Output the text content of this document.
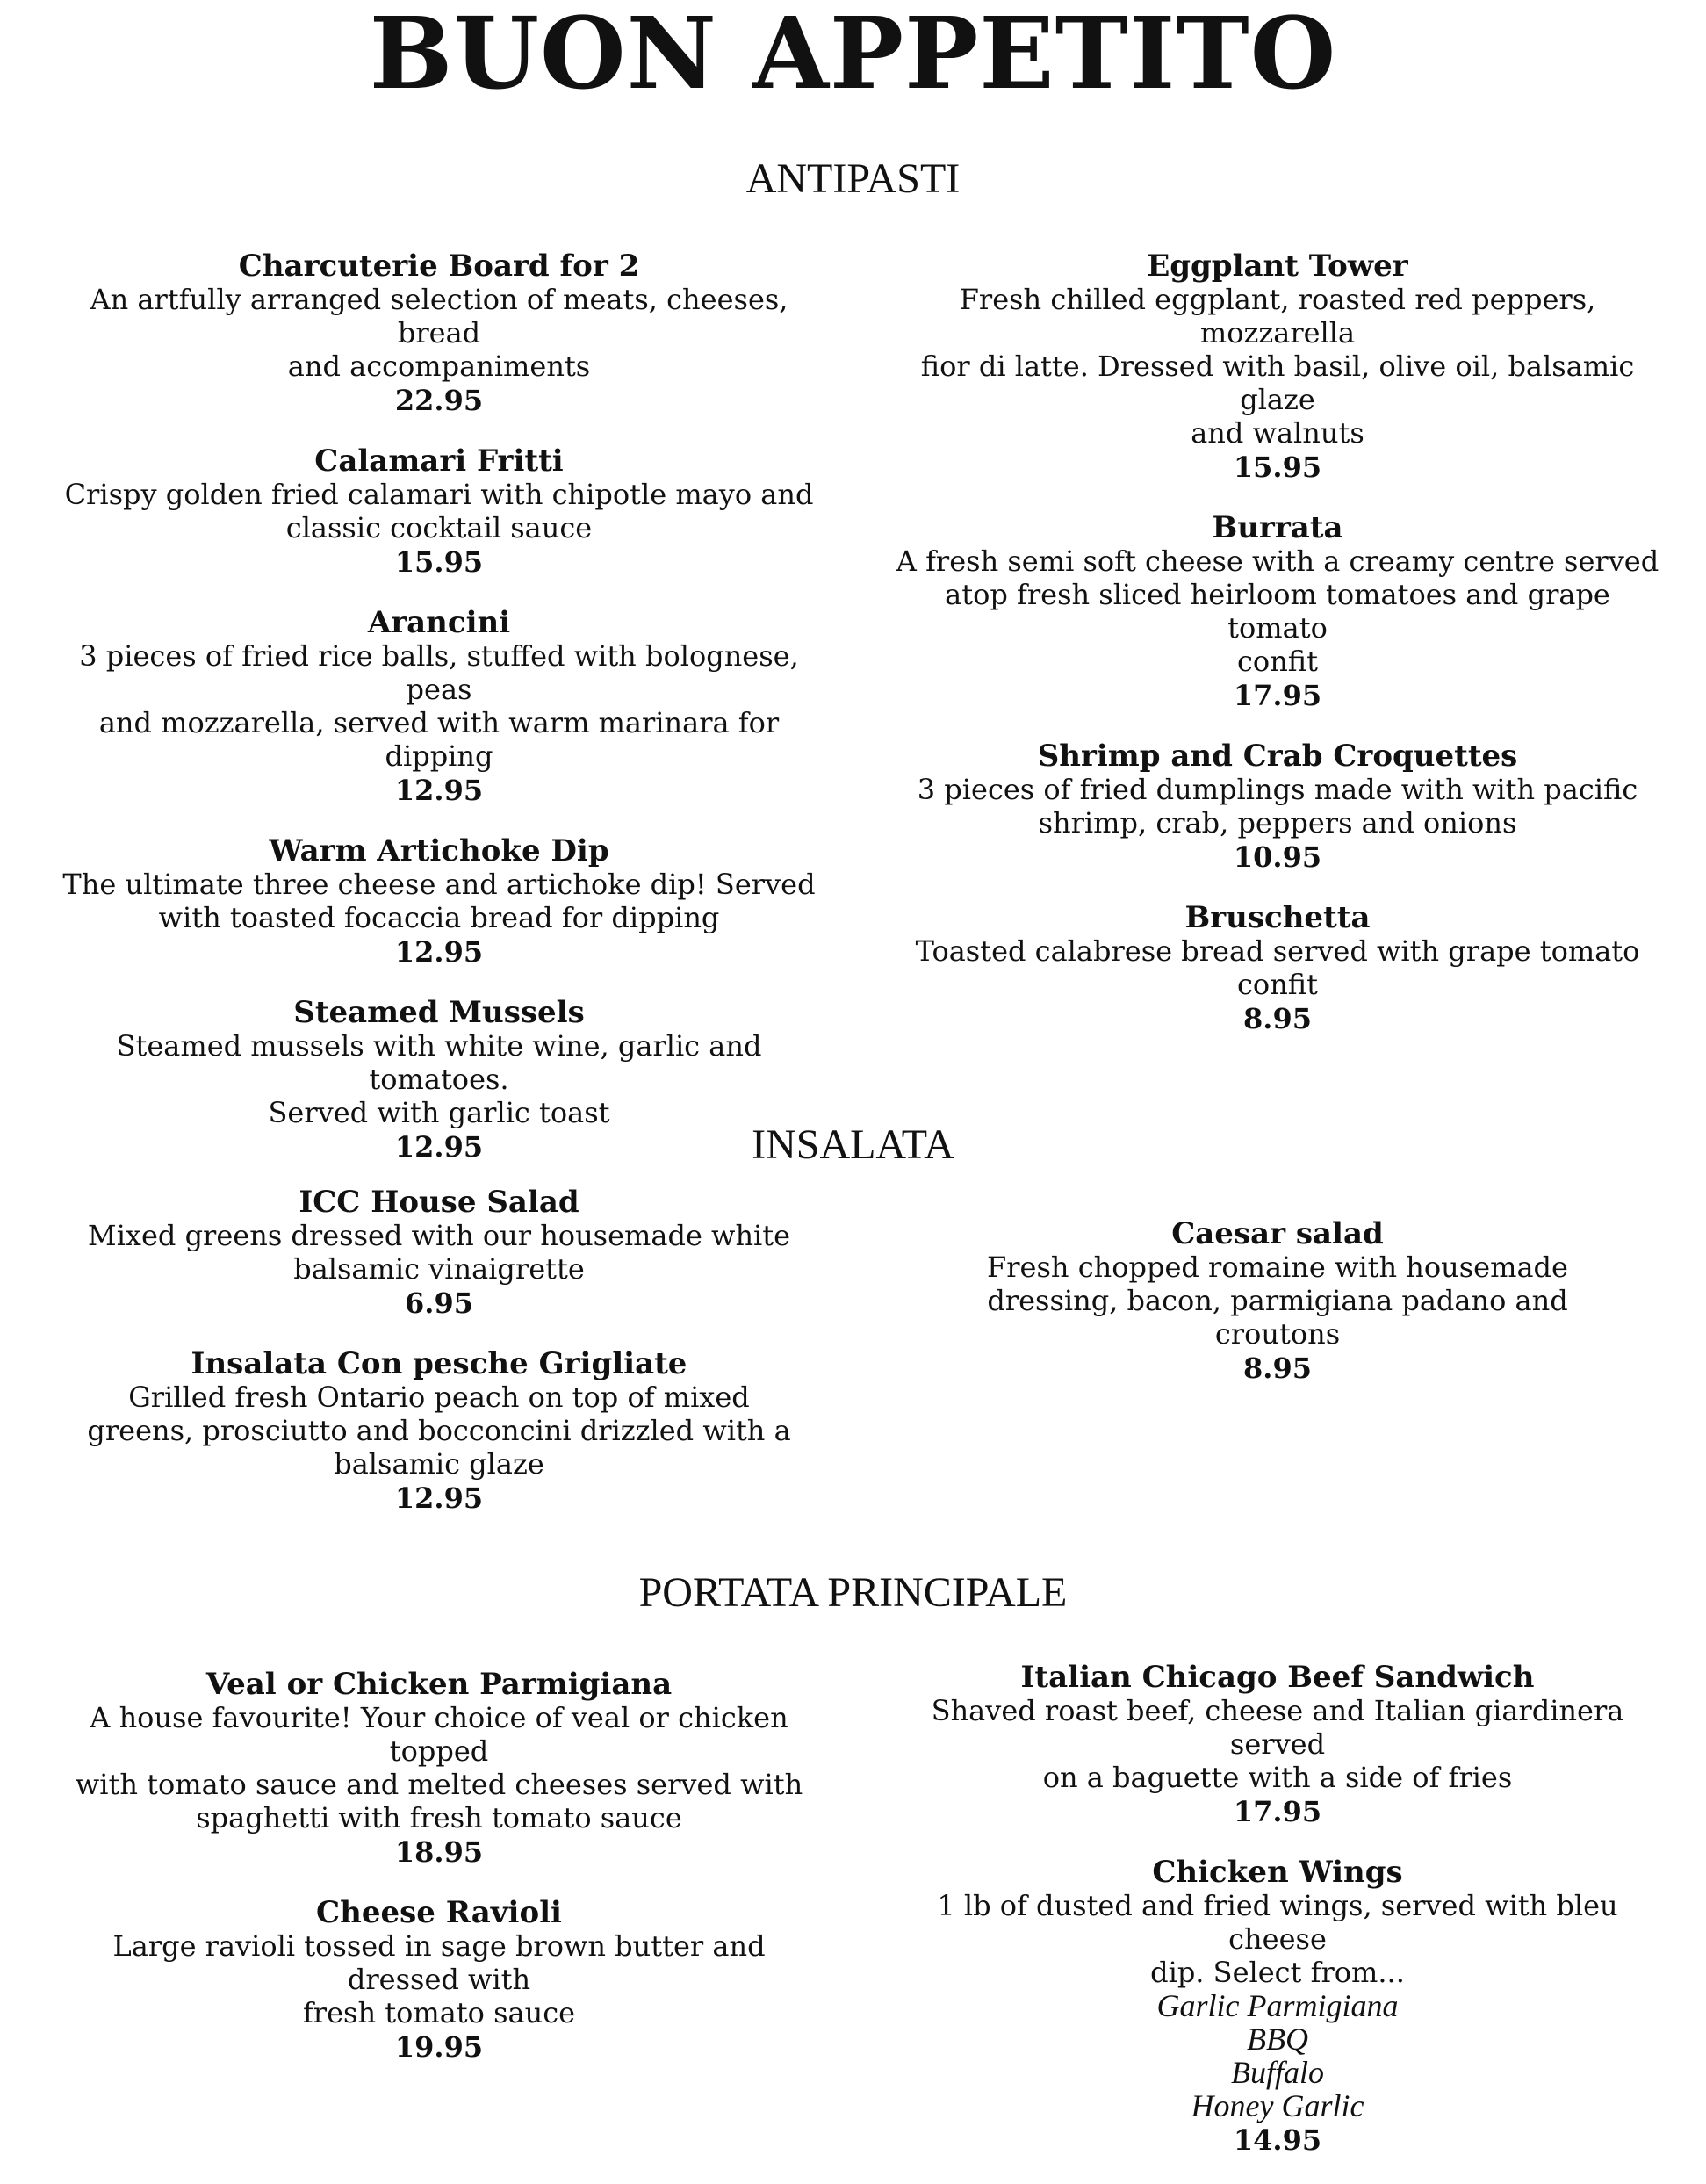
BUON APPETITO
ANTIPASTI
Charcuterie Board for 2
An artfully arranged selection of meats, cheeses, bread
and accompaniments
22.95
Calamari Fritti
Crispy golden fried calamari with chipotle mayo and
classic cocktail sauce
15.95
Arancini
3 pieces of fried rice balls, stuffed with bolognese, peas
and mozzarella, served with warm marinara for
dipping
12.95
Warm Artichoke Dip
The ultimate three cheese and artichoke dip! Served
with toasted focaccia bread for dipping
12.95
Steamed Mussels
Steamed mussels with white wine, garlic and tomatoes.
Served with garlic toast
12.95
Eggplant Tower
Fresh chilled eggplant, roasted red peppers, mozzarella
fior di latte. Dressed with basil, olive oil, balsamic glaze
and walnuts
15.95
Burrata
A fresh semi soft cheese with a creamy centre served
atop fresh sliced heirloom tomatoes and grape tomato
confit
17.95
Shrimp and Crab Croquettes
3 pieces of fried dumplings made with with pacific
shrimp, crab, peppers and onions
10.95
Bruschetta
Toasted calabrese bread served with grape tomato
confit
8.95
INSALATA
ICC House Salad
Mixed greens dressed with our housemade white
balsamic vinaigrette
6.95
Insalata Con pesche Grigliate
Grilled fresh Ontario peach on top of mixed
greens, prosciutto and bocconcini drizzled with a
balsamic glaze
12.95
Caesar salad
Fresh chopped romaine with housemade
dressing, bacon, parmigiana padano and
croutons
8.95
PORTATA PRINCIPALE
Veal or Chicken Parmigiana
A house favourite! Your choice of veal or chicken topped
with tomato sauce and melted cheeses served with
spaghetti with fresh tomato sauce
18.95
Cheese Ravioli
Large ravioli tossed in sage brown butter and dressed with
fresh tomato sauce
19.95
Italian Chicago Beef Sandwich
Shaved roast beef, cheese and Italian giardinera served
on a baguette with a side of fries
17.95
Chicken Wings
1 lb of dusted and fried wings, served with bleu cheese
dip. Select from...
Garlic Parmigiana
BBQ
Buffalo
Honey Garlic
14.95
